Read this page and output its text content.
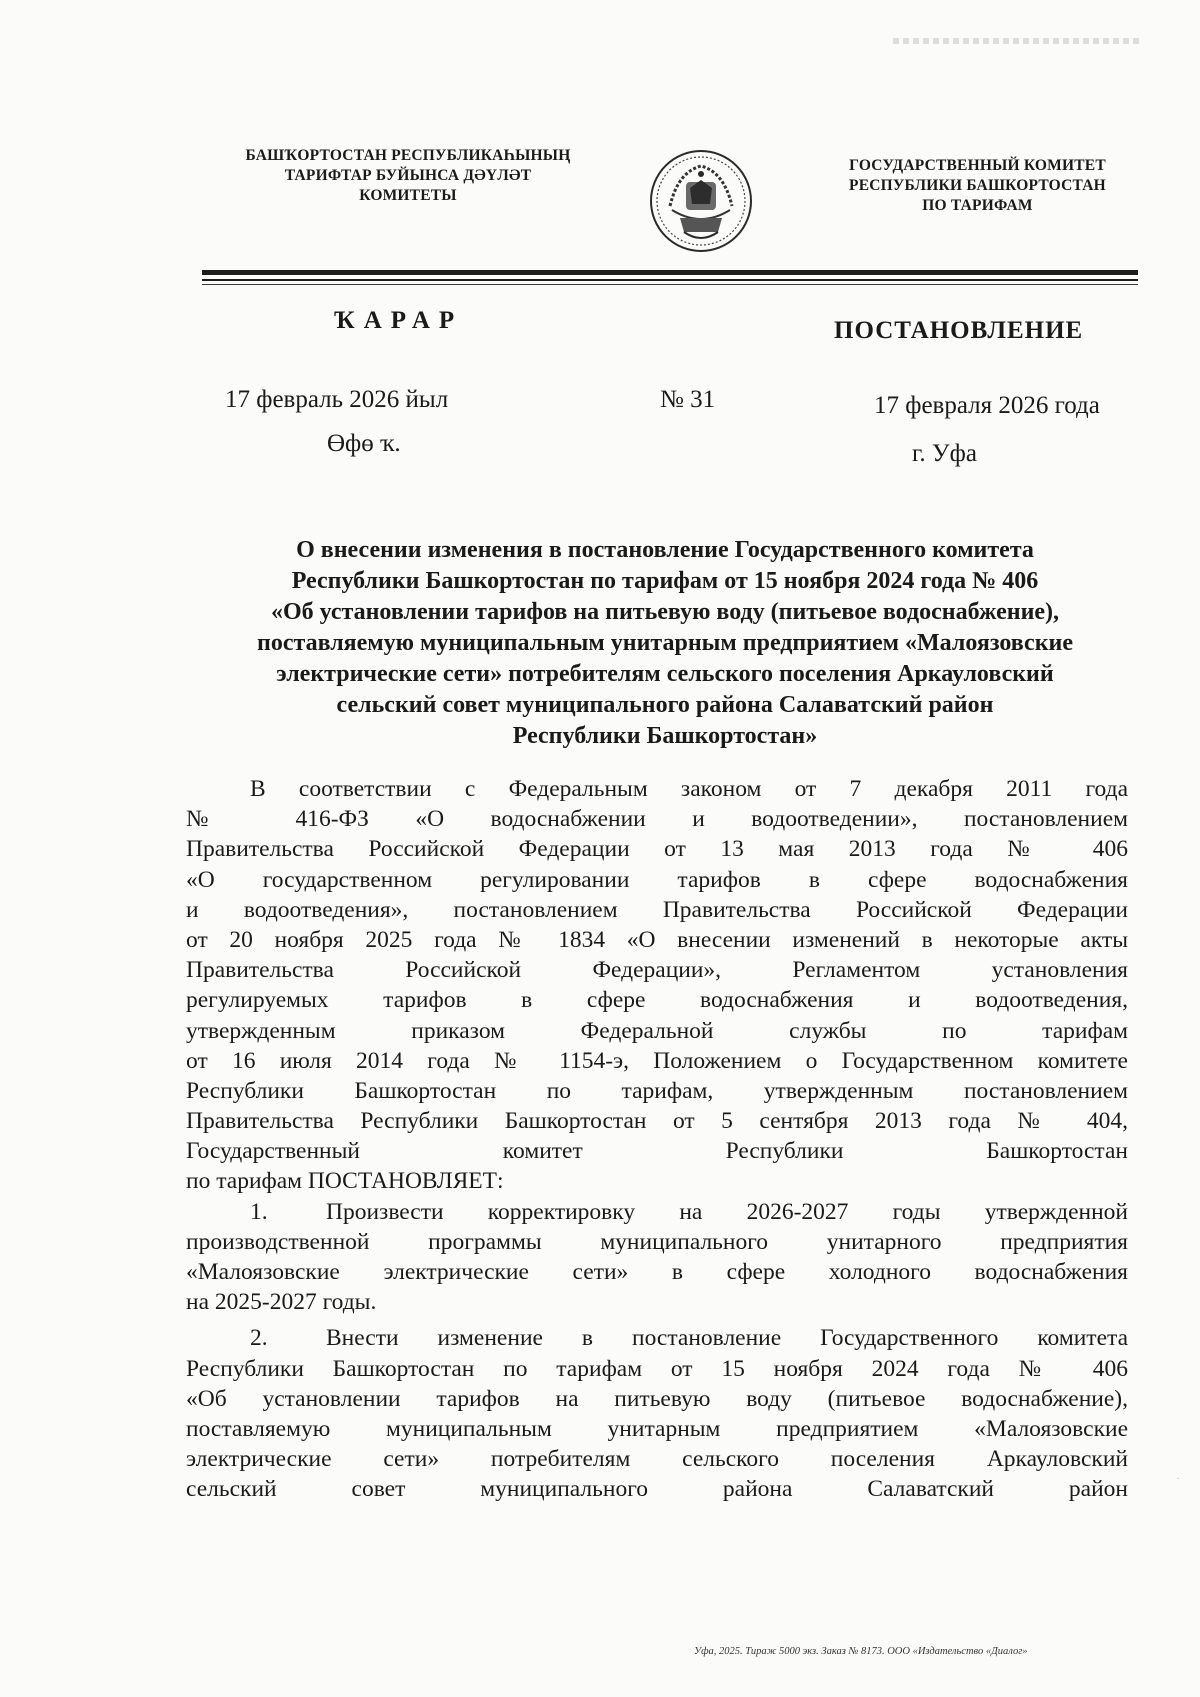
БАШҠОРТОСТАН РЕСПУБЛИКАҺЫНЫҢ
ТАРИФТАР БУЙЫНСА ДӘҮЛӘТ
КОМИТЕТЫ
ГОСУДАРСТВЕННЫЙ КОМИТЕТ
РЕСПУБЛИКИ БАШКОРТОСТАН
ПО ТАРИФАМ
ҠАРАР	ПОСТАНОВЛЕНИЕ
17 февраль 2026 йыл	№ 31	17 февраля 2026 года
Өфө ҡ.	г. Уфа
О внесении изменения в постановление Государственного комитета
Республики Башкортостан по тарифам от 15 ноября 2024 года № 406
«Об установлении тарифов на питьевую воду (питьевое водоснабжение),
поставляемую муниципальным унитарным предприятием «Малоязовские
электрические сети» потребителям сельского поселения Аркауловский
сельский совет муниципального района Салаватский район
Республики Башкортостан»
В соответствии с Федеральным законом от 7 декабря 2011 года
№ 416-ФЗ «О водоснабжении и водоотведении», постановлением
Правительства Российской Федерации от 13 мая 2013 года № 406
«О государственном регулировании тарифов в сфере водоснабжения
и водоотведения», постановлением Правительства Российской Федерации
от 20 ноября 2025 года № 1834 «О внесении изменений в некоторые акты
Правительства Российской Федерации», Регламентом установления
регулируемых тарифов в сфере водоснабжения и водоотведения,
утвержденным приказом Федеральной службы по тарифам
от 16 июля 2014 года № 1154-э, Положением о Государственном комитете
Республики Башкортостан по тарифам, утвержденным постановлением
Правительства Республики Башкортостан от 5 сентября 2013 года № 404,
Государственный комитет Республики Башкортостан
по тарифам ПОСТАНОВЛЯЕТ:
1. Произвести корректировку на 2026-2027 годы утвержденной
производственной программы муниципального унитарного предприятия
«Малоязовские электрические сети» в сфере холодного водоснабжения
на 2025-2027 годы.
2. Внести изменение в постановление Государственного комитета
Республики Башкортостан по тарифам от 15 ноября 2024 года № 406
«Об установлении тарифов на питьевую воду (питьевое водоснабжение),
поставляемую муниципальным унитарным предприятием «Малоязовские
электрические сети» потребителям сельского поселения Аркауловский
сельский совет муниципального района Салаватский район	·
Уфа, 2025. Тираж 5000 экз. Заказ № 8173. ООО «Издательство «Диалог»
